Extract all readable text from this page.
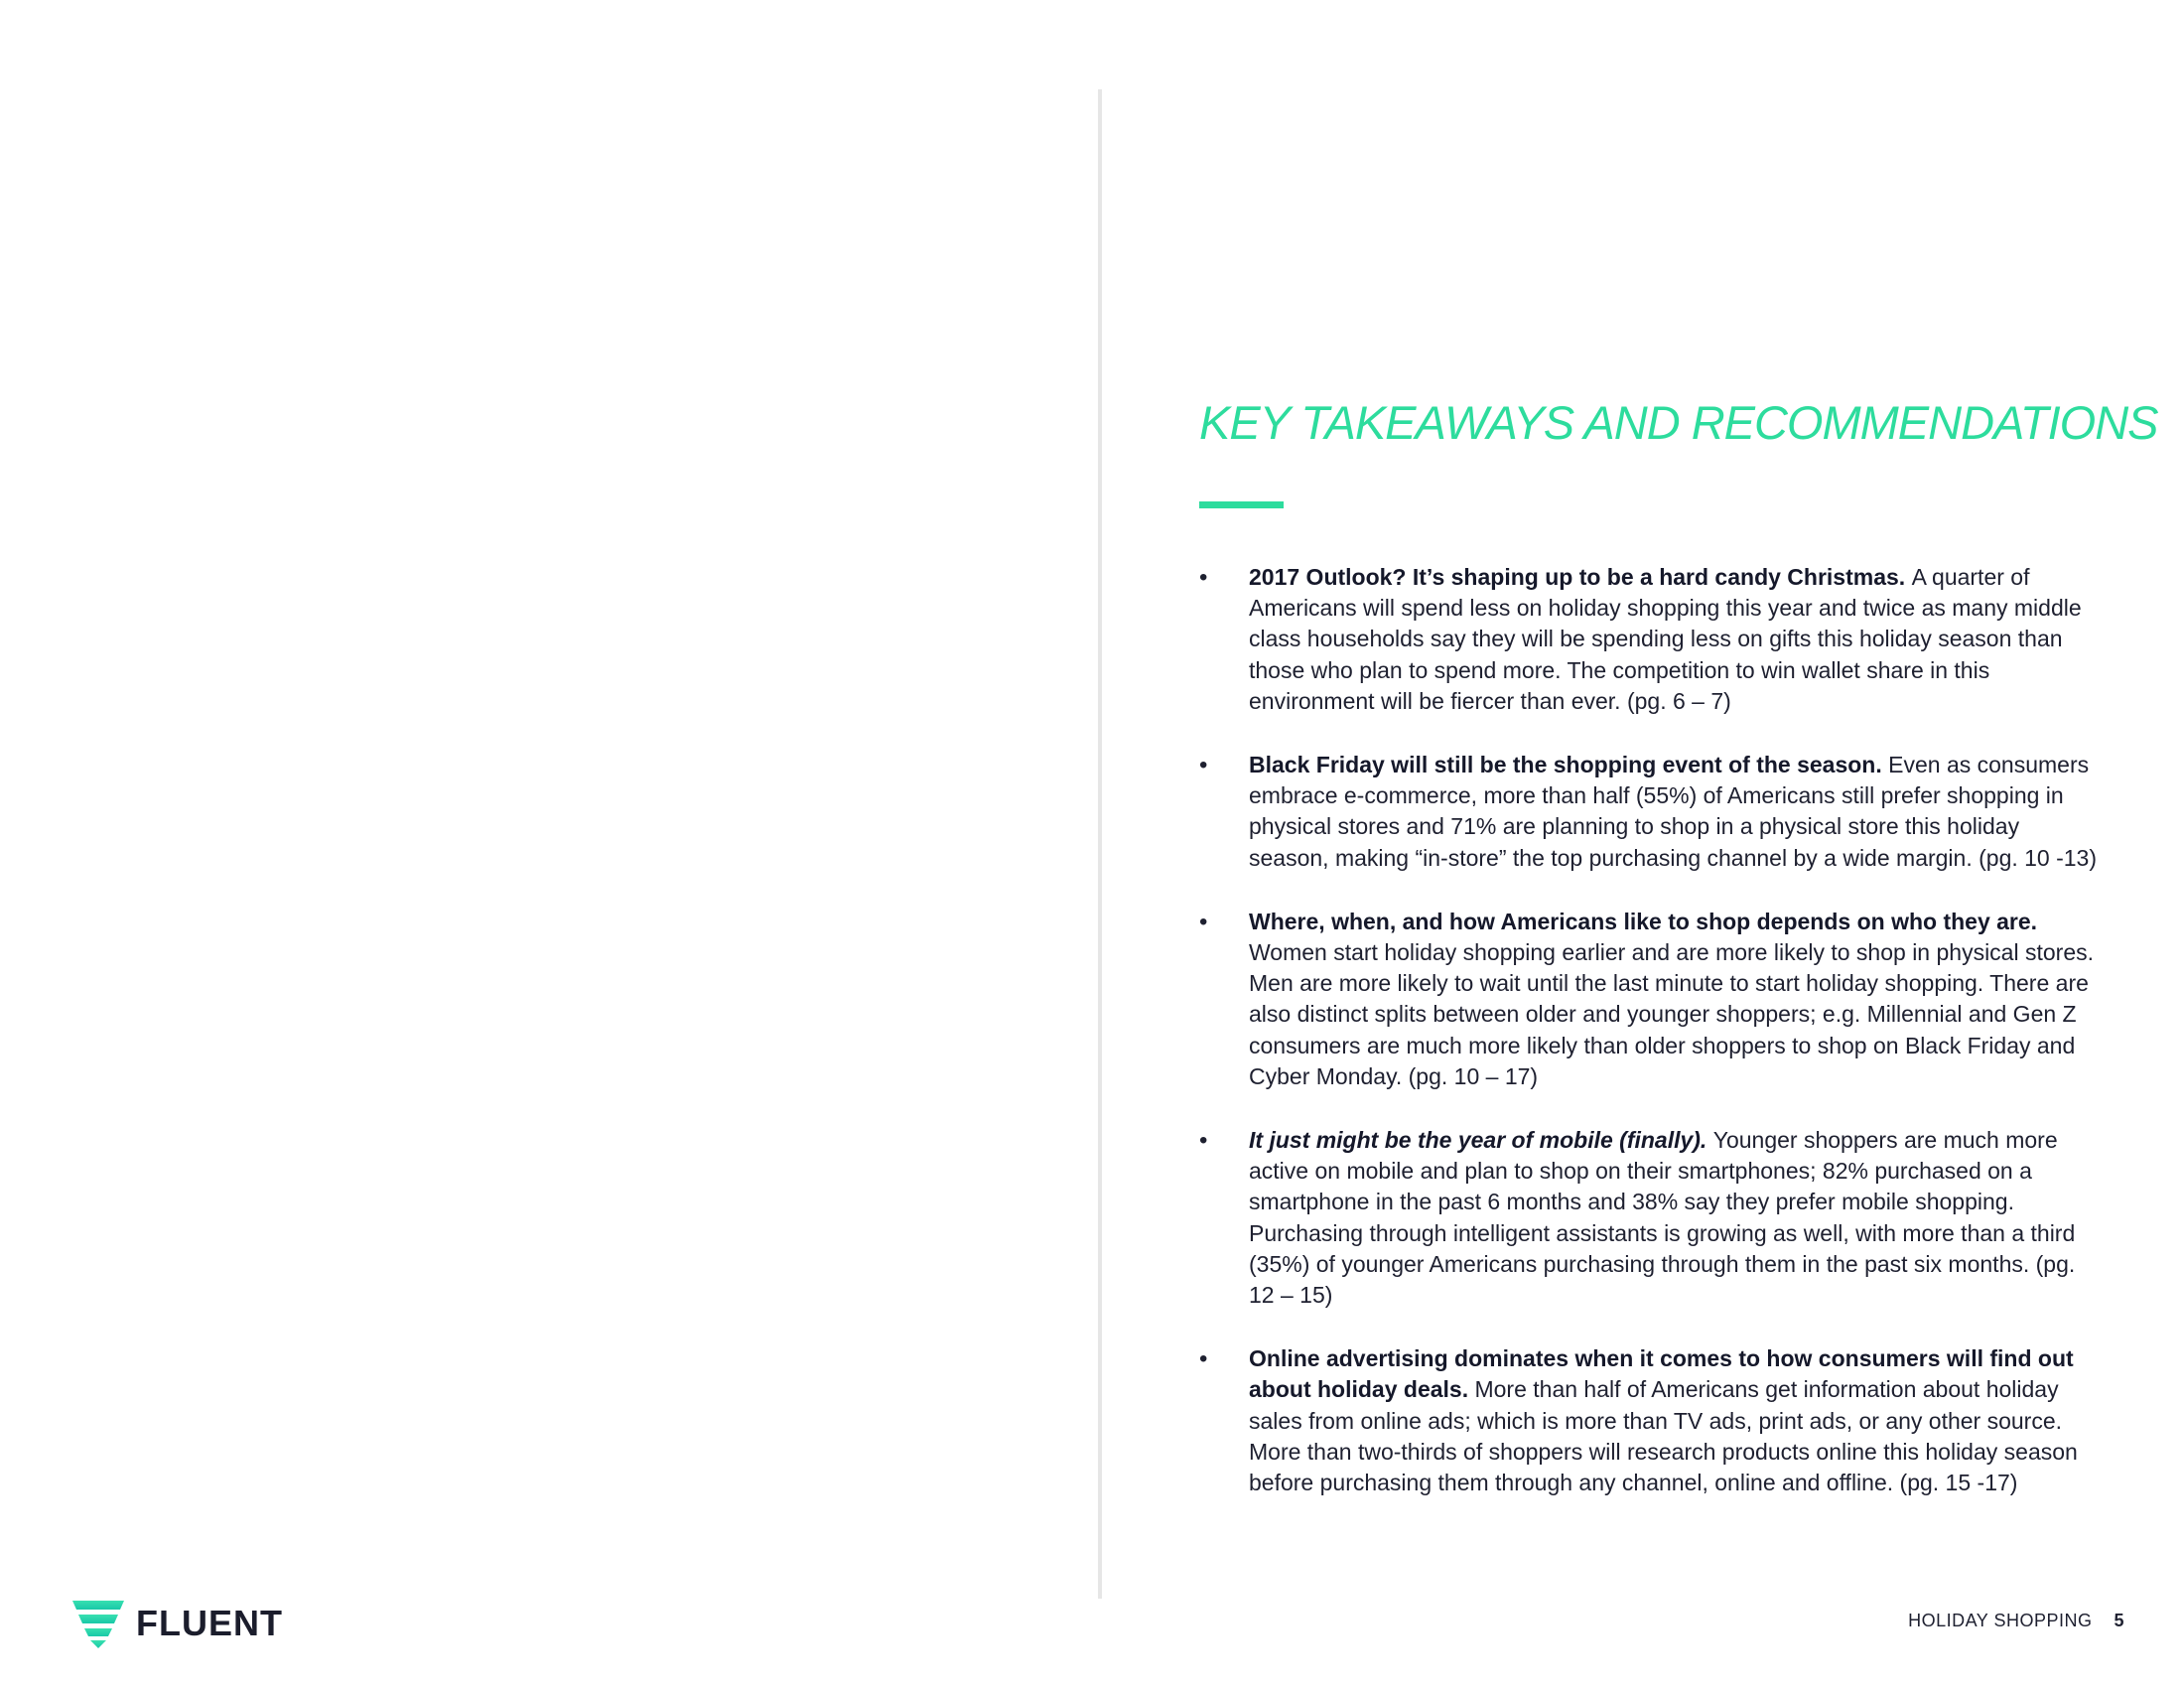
KEY TAKEAWAYS AND RECOMMENDATIONS
• 2017 Outlook? It’s shaping up to be a hard candy Christmas. A quarter of Americans will spend less on holiday shopping this year and twice as many middle class households say they will be spending less on gifts this holiday season than those who plan to spend more. The competition to win wallet share in this environment will be fiercer than ever. (pg. 6 – 7)
• Black Friday will still be the shopping event of the season. Even as consumers embrace e-commerce, more than half (55%) of Americans still prefer shopping in physical stores and 71% are planning to shop in a physical store this holiday season, making “in-store” the top purchasing channel by a wide margin. (pg. 10 -13)
• Where, when, and how Americans like to shop depends on who they are. Women start holiday shopping earlier and are more likely to shop in physical stores. Men are more likely to wait until the last minute to start holiday shopping. There are also distinct splits between older and younger shoppers; e.g. Millennial and Gen Z consumers are much more likely than older shoppers to shop on Black Friday and Cyber Monday. (pg. 10 – 17)
• It just might be the year of mobile (finally). Younger shoppers are much more active on mobile and plan to shop on their smartphones; 82% purchased on a smartphone in the past 6 months and 38% say they prefer mobile shopping. Purchasing through intelligent assistants is growing as well, with more than a third (35%) of younger Americans purchasing through them in the past six months. (pg. 12 – 15)
• Online advertising dominates when it comes to how consumers will find out about holiday deals. More than half of Americans get information about holiday sales from online ads; which is more than TV ads, print ads, or any other source. More than two-thirds of shoppers will research products online this holiday season before purchasing them through any channel, online and offline. (pg. 15 -17)
FLUENT	HOLIDAY SHOPPING 5
